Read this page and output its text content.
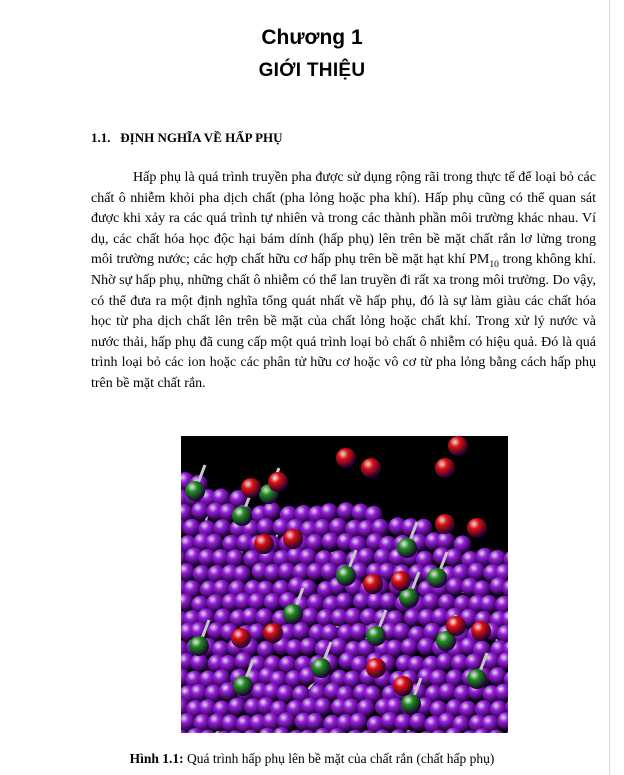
Chương 1
GIỚI THIỆU
1.1. ĐỊNH NGHĨA VỀ HẤP PHỤ

Hấp phụ là quá trình truyền pha được sử dụng rộng rãi trong thực tế để loại bỏ các chất ô nhiễm khỏi pha dịch chất (pha lỏng hoặc pha khí). Hấp phụ cũng có thể quan sát được khi xảy ra các quá trình tự nhiên và trong các thành phần môi trường khác nhau. Ví dụ, các chất hóa học độc hại bám dính (hấp phụ) lên trên bề mặt chất rắn lơ lửng trong môi trường nước; các hợp chất hữu cơ hấp phụ trên bề mặt hạt khí $PM_{10}$ trong không khí. Nhờ sự hấp phụ, những chất ô nhiễm có thể lan truyền đi rất xa trong môi trường. Do vậy, có thể đưa ra một định nghĩa tổng quát nhất về hấp phụ, đó là sự làm giàu các chất hóa học từ pha dịch chất lên trên bề mặt của chất lỏng hoặc chất khí. Trong xử lý nước và nước thải, hấp phụ đã cung cấp một quá trình loại bỏ chất ô nhiễm có hiệu quả. Đó là quá trình loại bỏ các ion hoặc các phân tử hữu cơ hoặc vô cơ từ pha lỏng bằng cách hấp phụ trên bề mặt chất rắn.

Hình 1.1: Quá trình hấp phụ lên bề mặt của chất rắn (chất hấp phụ)
